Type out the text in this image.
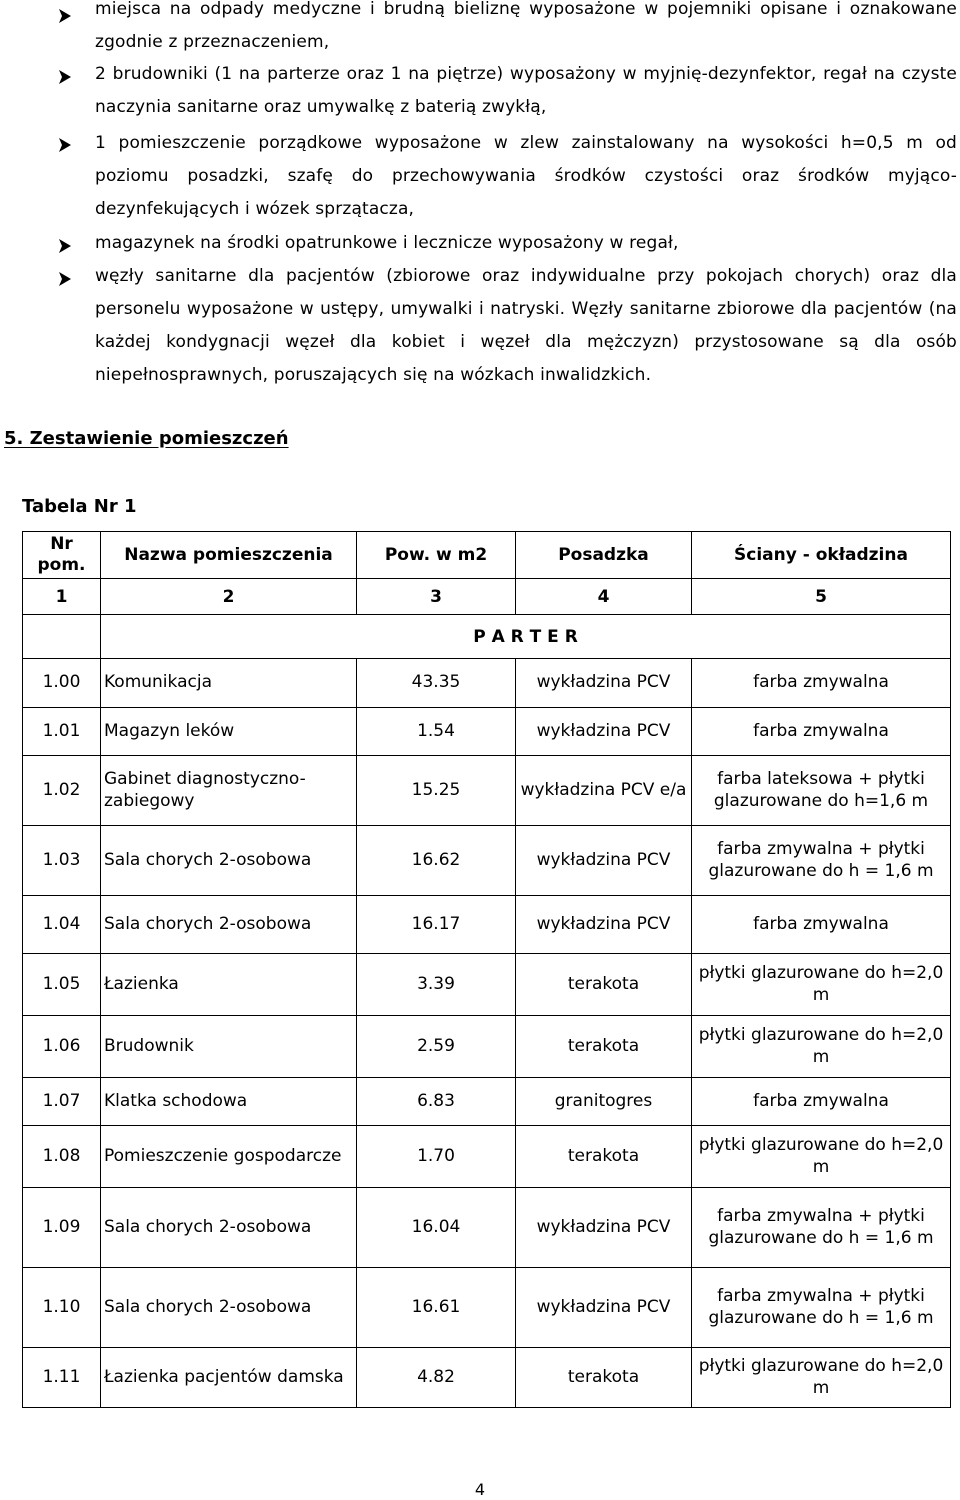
miejsca na odpady medyczne i brudną bieliznę wyposażone w pojemniki opisane i oznakowane zgodnie z przeznaczeniem,
2 brudowniki (1 na parterze oraz 1 na piętrze) wyposażony w myjnię-dezynfektor, regał na czyste naczynia sanitarne oraz umywalkę z baterią zwykłą,
1 pomieszczenie porządkowe wyposażone w zlew zainstalowany na wysokości h=0,5 m od poziomu posadzki, szafę do przechowywania środków czystości oraz środków myjąco-dezynfekujących i wózek sprzątacza,
magazynek na środki opatrunkowe i lecznicze wyposażony w regał,
węzły sanitarne dla pacjentów (zbiorowe oraz indywidualne przy pokojach chorych) oraz dla personelu wyposażone w ustępy, umywalki i natryski. Węzły sanitarne zbiorowe dla pacjentów (na każdej kondygnacji węzeł dla kobiet i węzeł dla mężczyzn) przystosowane są dla osób niepełnosprawnych, poruszających się na wózkach inwalidzkich.
5. Zestawienie pomieszczeń
Tabela Nr 1
Nr
pom.	Nazwa pomieszczenia	Pow. w m2	Posadzka	Ściany - okładzina
1	2	3	4	5
	P A R T E R			
1.00	Komunikacja	43.35	wykładzina PCV	farba zmywalna
1.01	Magazyn leków	1.54	wykładzina PCV	farba zmywalna
1.02	Gabinet diagnostyczno-zabiegowy	15.25	wykładzina PCV e/a	farba lateksowa + płytki glazurowane do h=1,6 m
1.03	Sala chorych 2-osobowa	16.62	wykładzina PCV	farba zmywalna + płytki glazurowane do h = 1,6 m
1.04	Sala chorych 2-osobowa	16.17	wykładzina PCV	farba zmywalna
1.05	Łazienka	3.39	terakota	płytki glazurowane do h=2,0 m
1.06	Brudownik	2.59	terakota	płytki glazurowane do h=2,0 m
1.07	Klatka schodowa	6.83	granitogres	farba zmywalna
1.08	Pomieszczenie gospodarcze	1.70	terakota	płytki glazurowane do h=2,0 m
1.09	Sala chorych 2-osobowa	16.04	wykładzina PCV	farba zmywalna + płytki glazurowane do h = 1,6 m
1.10	Sala chorych 2-osobowa	16.61	wykładzina PCV	farba zmywalna + płytki glazurowane do h = 1,6 m
1.11	Łazienka pacjentów damska	4.82	terakota	płytki glazurowane do h=2,0 m
4
